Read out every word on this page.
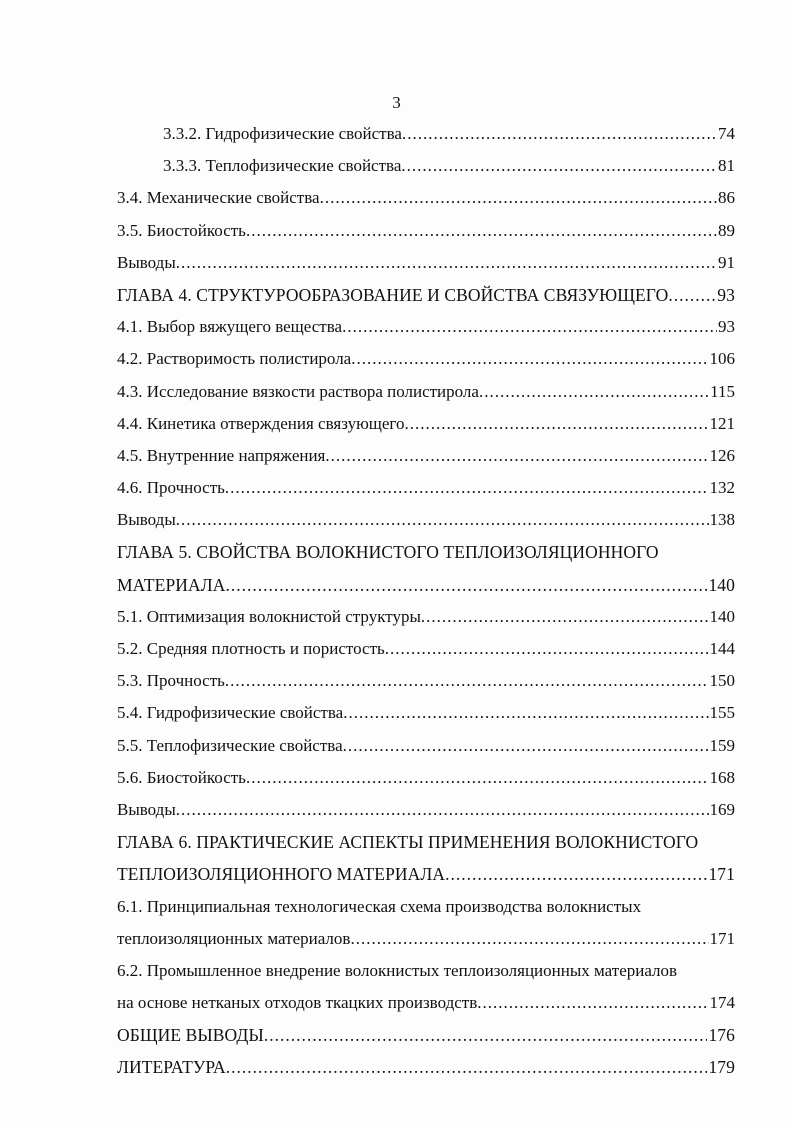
3
3.3.2. Гидрофизические свойства .....	74
3.3.3. Теплофизические свойства .....	81
3.4. Механические свойства .....	86
3.5. Биостойкость .....	89
Выводы .....	91
ГЛАВА 4. СТРУКТУРООБРАЗОВАНИЕ И СВОЙСТВА СВЯЗУЮЩЕГО .....	93
4.1. Выбор вяжущего вещества .....	93
4.2. Растворимость полистирола .....	106
4.3. Исследование вязкости раствора полистирола .....	115
4.4. Кинетика отверждения связующего .....	121
4.5. Внутренние напряжения .....	126
4.6. Прочность .....	132
Выводы .....	138
ГЛАВА 5. СВОЙСТВА ВОЛОКНИСТОГО ТЕПЛОИЗОЛЯЦИОННОГО
МАТЕРИАЛА .....	140
5.1. Оптимизация волокнистой структуры .....	140
5.2. Средняя плотность и пористость .....	144
5.3. Прочность .....	150
5.4. Гидрофизические свойства .....	155
5.5. Теплофизические свойства .....	159
5.6. Биостойкость .....	168
Выводы .....	169
ГЛАВА 6. ПРАКТИЧЕСКИЕ АСПЕКТЫ ПРИМЕНЕНИЯ ВОЛОКНИСТОГО
ТЕПЛОИЗОЛЯЦИОННОГО МАТЕРИАЛА .....	171
6.1. Принципиальная технологическая схема производства волокнистых
теплоизоляционных материалов .....	171
6.2. Промышленное внедрение волокнистых теплоизоляционных материалов
на основе нетканых отходов ткацких производств .....	174
ОБЩИЕ ВЫВОДЫ .....	176
ЛИТЕРАТУРА .....	179
